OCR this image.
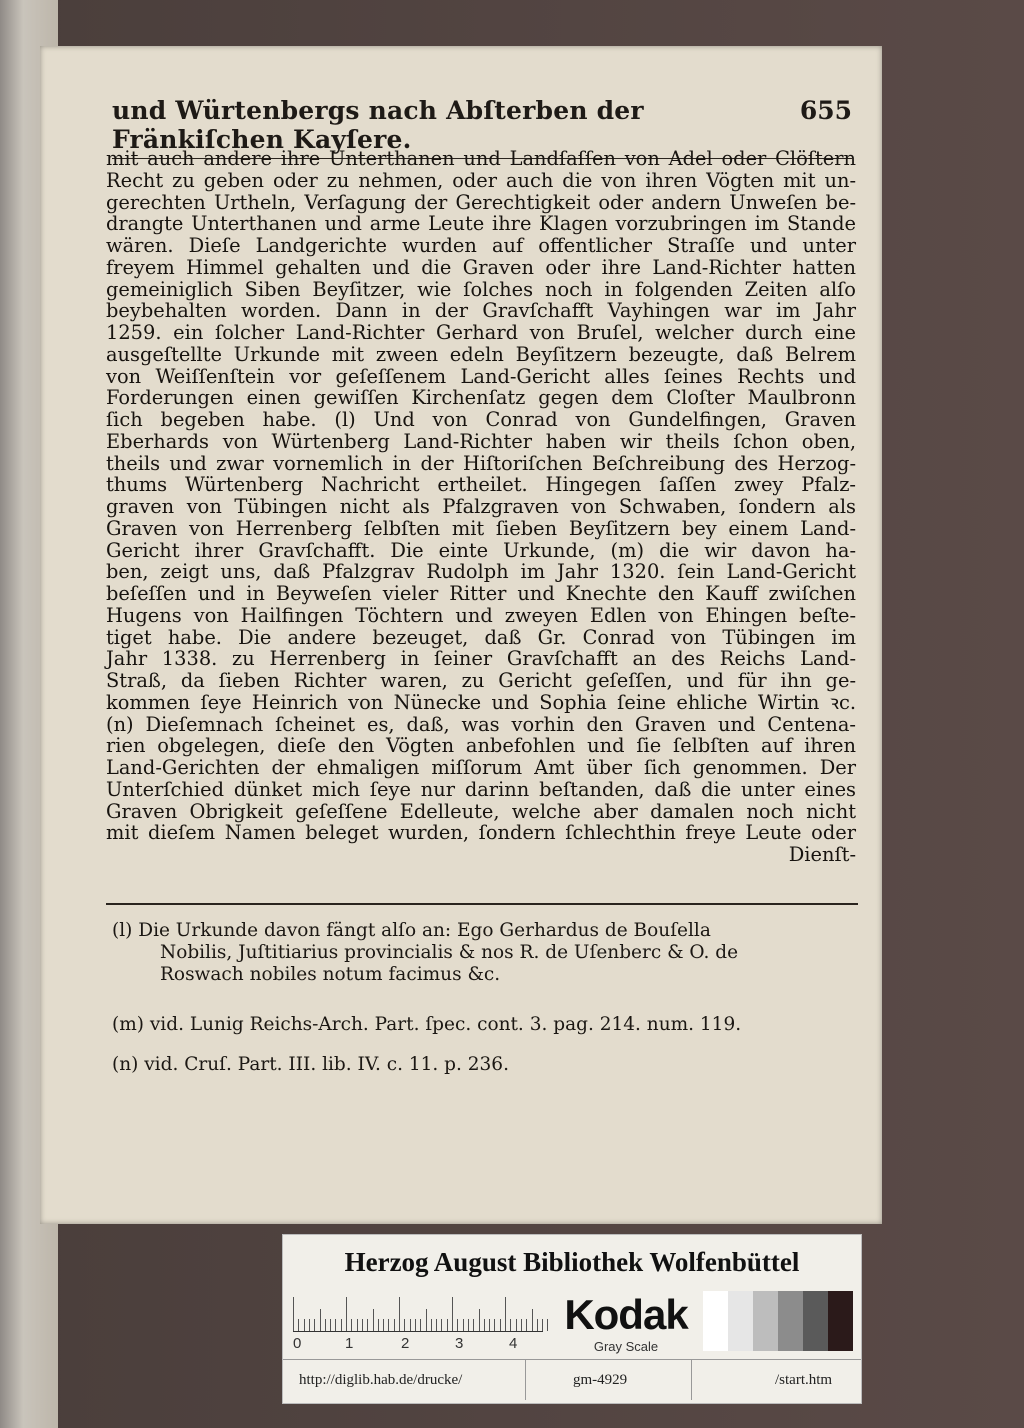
und Würtenbergs nach Abſterben der Fränkiſchen Kayſere.
655
mit auch andere ihre Unterthanen und Landſaſſen von Adel oder Clöſtern
Recht zu geben oder zu nehmen, oder auch die von ihren Vögten mit un-
gerechten Urtheln, Verſagung der Gerechtigkeit oder andern Unweſen be-
drangte Unterthanen und arme Leute ihre Klagen vorzubringen im Stande
wären. Dieſe Landgerichte wurden auf offentlicher Straſſe und unter
freyem Himmel gehalten und die Graven oder ihre Land-Richter hatten
gemeiniglich Siben Beyſitzer, wie ſolches noch in folgenden Zeiten alſo
beybehalten worden. Dann in der Gravſchafft Vayhingen war im Jahr
1259. ein ſolcher Land-Richter Gerhard von Bruſel, welcher durch eine
ausgeſtellte Urkunde mit zween edeln Beyſitzern bezeugte, daß Belrem
von Weiſſenſtein vor geſeſſenem Land-Gericht alles ſeines Rechts und
Forderungen einen gewiſſen Kirchenſatz gegen dem Cloſter Maulbronn
ſich begeben habe. (l) Und von Conrad von Gundelfingen, Graven
Eberhards von Würtenberg Land-Richter haben wir theils ſchon oben,
theils und zwar vornemlich in der Hiſtoriſchen Beſchreibung des Herzog-
thums Würtenberg Nachricht ertheilet. Hingegen ſaſſen zwey Pfalz-
graven von Tübingen nicht als Pfalzgraven von Schwaben, ſondern als
Graven von Herrenberg ſelbſten mit ſieben Beyſitzern bey einem Land-
Gericht ihrer Gravſchafft. Die einte Urkunde, (m) die wir davon ha-
ben, zeigt uns, daß Pfalzgrav Rudolph im Jahr 1320. ſein Land-Gericht
beſeſſen und in Beyweſen vieler Ritter und Knechte den Kauff zwiſchen
Hugens von Hailfingen Töchtern und zweyen Edlen von Ehingen beſte-
tiget habe. Die andere bezeuget, daß Gr. Conrad von Tübingen im
Jahr 1338. zu Herrenberg in ſeiner Gravſchafft an des Reichs Land-
Straß, da ſieben Richter waren, zu Gericht geſeſſen, und für ihn ge-
kommen ſeye Heinrich von Nünecke und Sophia ſeine ehliche Wirtin ꝛc.
(n) Dieſemnach ſcheinet es, daß, was vorhin den Graven und Centena-
rien obgelegen, dieſe den Vögten anbefohlen und ſie ſelbſten auf ihren
Land-Gerichten der ehmaligen miſſorum Amt über ſich genommen. Der
Unterſchied dünket mich ſeye nur darinn beſtanden, daß die unter eines
Graven Obrigkeit geſeſſene Edelleute, welche aber damalen noch nicht
mit dieſem Namen beleget wurden, ſondern ſchlechthin freye Leute oder
Dienſt-
(l) Die Urkunde davon fängt alſo an: Ego Gerhardus de Bouſella
Nobilis, Juſtitiarius provincialis & nos R. de Uſenberc & O. de
Roswach nobiles notum facimus &c.
(m) vid. Lunig Reichs-Arch. Part. ſpec. cont. 3. pag. 214. num. 119.
(n) vid. Cruſ. Part. III. lib. IV. c. 11. p. 236.
Herzog August Bibliothek Wolfenbüttel
0	1	2	3	4
Kodak
Gray Scale
http://diglib.hab.de/drucke/	gm-4929	/start.htm
